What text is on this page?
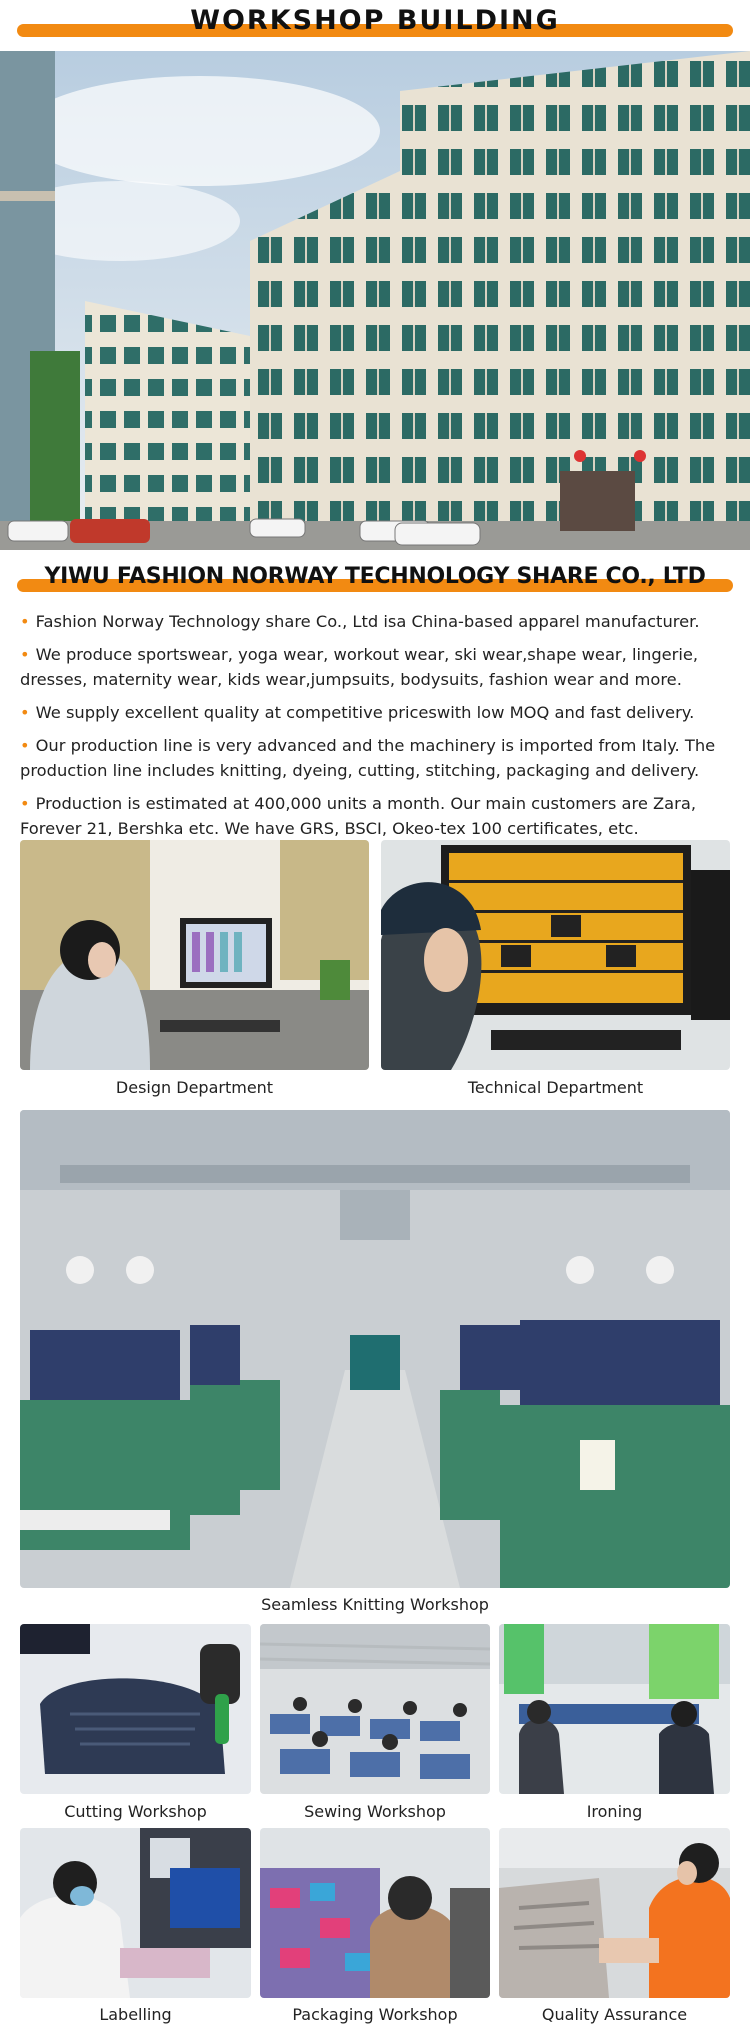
WORKSHOP BUILDING
YIWU FASHION NORWAY TECHNOLOGY SHARE CO., LTD

• Fashion Norway Technology share Co., Ltd isa China-based apparel manufacturer.

• We produce sportswear, yoga wear, workout wear, ski wear,shape wear, lingerie, dresses, maternity wear, kids wear,jumpsuits, bodysuits, fashion wear and more.

• We supply excellent quality at competitive priceswith low MOQ and fast delivery.

• Our production line is very advanced and the machinery is imported from Italy. The production line includes knitting, dyeing, cutting, stitching, packaging and delivery.

• Production is estimated at 400,000 units a month. Our main customers are Zara, Forever 21, Bershka etc. We have GRS, BSCI, Okeo-tex 100 certificates, etc.

Design Department	Technical Department
Seamless Knitting Workshop
Cutting Workshop	Sewing Workshop	Ironing
Labelling	Packaging Workshop	Quality Assurance
